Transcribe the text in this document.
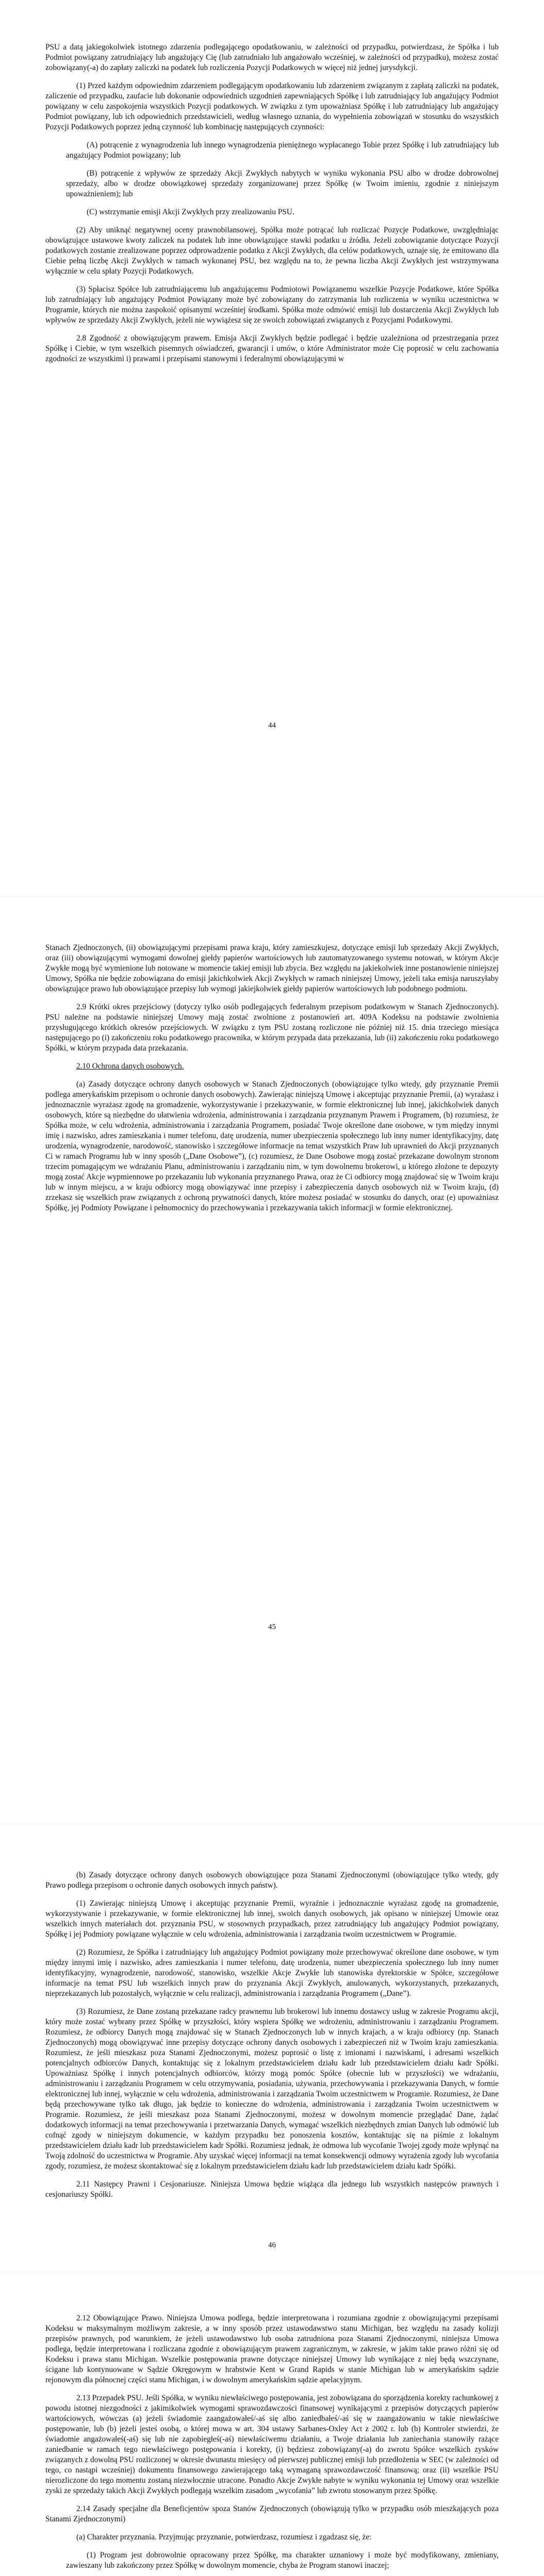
PSU a datą jakiegokolwiek istotnego zdarzenia podlegającego opodatkowaniu, w zależności od przypadku, potwierdzasz, że Spółka i lub Podmiot powiązany zatrudniający lub angażujący Cię (lub zatrudniało lub angażowało wcześniej, w zależności od przypadku), możesz zostać zobowiązany(-a) do zapłaty zaliczki na podatek lub rozliczenia Pozycji Podatkowych w więcej niż jednej jurysdykcji.

(1) Przed każdym odpowiednim zdarzeniem podlegającym opodatkowaniu lub zdarzeniem związanym z zapłatą zaliczki na podatek, zaliczenie od przypadku, zaufacie lub dokonanie odpowiednich uzgodnień zapewniających Spółkę i lub zatrudniający lub angażujący Podmiot powiązany w celu zaspokojenia wszystkich Pozycji podatkowych. W związku z tym upoważniasz Spółkę i lub zatrudniający lub angażujący Podmiot powiązany, lub ich odpowiednich przedstawicieli, według własnego uznania, do wypełnienia zobowiązań w stosunku do wszystkich Pozycji Podatkowych poprzez jedną czynność lub kombinację następujących czynności:

(A) potrącenie z wynagrodzenia lub innego wynagrodzenia pieniężnego wypłacanego Tobie przez Spółkę i lub zatrudniający lub angażujący Podmiot powiązany; lub

(B) potrącenie z wpływów ze sprzedaży Akcji Zwykłych nabytych w wyniku wykonania PSU albo w drodze dobrowolnej sprzedaży, albo w drodze obowiązkowej sprzedaży zorganizowanej przez Spółkę (w Twoim imieniu, zgodnie z niniejszym upoważnieniem); lub

(C) wstrzymanie emisji Akcji Zwykłych przy zrealizowaniu PSU.

(2) Aby uniknąć negatywnej oceny prawnobilansowej, Spółka może potrącać lub rozliczać Pozycje Podatkowe, uwzględniając obowiązujące ustawowe kwoty zaliczek na podatek lub inne obowiązujące stawki podatku u źródła. Jeżeli zobowiązanie dotyczące Pozycji podatkowych zostanie zrealizowane poprzez odprowadzenie podatku z Akcji Zwykłych, dla celów podatkowych, uznaje się, że emitowano dla Ciebie pełną liczbę Akcji Zwykłych w ramach wykonanej PSU, bez względu na to, że pewna liczba Akcji Zwykłych jest wstrzymywana wyłącznie w celu spłaty Pozycji Podatkowych.

(3) Spłacisz Spółce lub zatrudniającemu lub angażującemu Podmiotowi Powiązanemu wszelkie Pozycje Podatkowe, które Spółka lub zatrudniający lub angażujący Podmiot Powiązany może być zobowiązany do zatrzymania lub rozliczenia w wyniku uczestnictwa w Programie, których nie można zaspokoić opisanymi wcześniej środkami. Spółka może odmówić emisji lub dostarczenia Akcji Zwykłych lub wpływów ze sprzedaży Akcji Zwykłych, jeżeli nie wywiążesz się ze swoich zobowiązań związanych z Pozycjami Podatkowymi.

2.8 Zgodność z obowiązującym prawem. Emisja Akcji Zwykłych będzie podlegać i będzie uzależniona od przestrzegania przez Spółkę i Ciebie, w tym wszelkich pisemnych oświadczeń, gwarancji i umów, o które Administrator może Cię poprosić w celu zachowania zgodności ze wszystkimi i) prawami i przepisami stanowymi i federalnymi obowiązującymi w

44

Stanach Zjednoczonych, (ii) obowiązującymi przepisami prawa kraju, który zamieszkujesz, dotyczące emisji lub sprzedaży Akcji Zwykłych, oraz (iii) obowiązującymi wymogami dowolnej giełdy papierów wartościowych lub zautomatyzowanego systemu notowań, w którym Akcje Zwykłe mogą być wymienione lub notowane w momencie takiej emisji lub zbycia. Bez względu na jakiekolwiek inne postanowienie niniejszej Umowy, Spółka nie będzie zobowiązana do emisji jakichkolwiek Akcji Zwykłych w ramach niniejszej Umowy, jeżeli taka emisja naruszyłaby obowiązujące prawo lub obowiązujące przepisy lub wymogi jakiejkolwiek giełdy papierów wartościowych lub podobnego podmiotu.

2.9 Krótki okres przejściowy (dotyczy tylko osób podlegających federalnym przepisom podatkowym w Stanach Zjednoczonych). PSU należne na podstawie niniejszej Umowy mają zostać zwolnione z postanowień art. 409A Kodeksu na podstawie zwolnienia przysługującego krótkich okresów przejściowych. W związku z tym PSU zostaną rozliczone nie później niż 15. dnia trzeciego miesiąca następującego po (i) zakończeniu roku podatkowego pracownika, w którym przypada data przekazania, lub (ii) zakończeniu roku podatkowego Spółki, w którym przypada data przekazania.

2.10 Ochrona danych osobowych.

(a) Zasady dotyczące ochrony danych osobowych w Stanach Zjednoczonych (obowiązujące tylko wtedy, gdy przyznanie Premii podlega amerykańskim przepisom o ochronie danych osobowych). Zawierając niniejszą Umowę i akceptując przyznanie Premii, (a) wyrażasz i jednoznacznie wyrażasz zgodę na gromadzenie, wykorzystywanie i przekazywanie, w formie elektronicznej lub innej, jakichkolwiek danych osobowych, które są niezbędne do ułatwienia wdrożenia, administrowania i zarządzania przyznanym Prawem i Programem, (b) rozumiesz, że Spółka może, w celu wdrożenia, administrowania i zarządzania Programem, posiadać Twoje określone dane osobowe, w tym między innymi imię i nazwisko, adres zamieszkania i numer telefonu, datę urodzenia, numer ubezpieczenia społecznego lub inny numer identyfikacyjny, datę urodzenia, wynagrodzenie, narodowość, stanowisko i szczegółowe informacje na temat wszystkich Praw lub uprawnień do Akcji przyznanych Ci w ramach Programu lub w inny sposób („Dane Osobowe”), (c) rozumiesz, że Dane Osobowe mogą zostać przekazane dowolnym stronom trzecim pomagającym we wdrażaniu Planu, administrowaniu i zarządzaniu nim, w tym dowolnemu brokerowi, u którego złożone te depozyty mogą zostać Akcje wypmiennowe po przekazaniu lub wykonania przyznanego Prawa, oraz że Ci odbiorcy mogą znajdować się w Twoim kraju lub w innym miejscu, a w kraju odbiorcy mogą obowiązywać inne przepisy i zabezpieczenia danych osobowych niż w Twoim kraju, (d) zrzekasz się wszelkich praw związanych z ochroną prywatności danych, które możesz posiadać w stosunku do danych, oraz (e) upoważniasz Spółkę, jej Podmioty Powiązane i pełnomocnicy do przechowywania i przekazywania takich informacji w formie elektronicznej.

45

(b) Zasady dotyczące ochrony danych osobowych obowiązujące poza Stanami Zjednoczonymi (obowiązujące tylko wtedy, gdy Prawo podlega przepisom o ochronie danych osobowych innych państw).

(1) Zawierając niniejszą Umowę i akceptując przyznanie Premii, wyraźnie i jednoznacznie wyrażasz zgodę na gromadzenie, wykorzystywanie i przekazywanie, w formie elektronicznej lub innej, swoich danych osobowych, jak opisano w niniejszej Umowie oraz wszelkich innych materiałach dot. przyznania PSU, w stosownych przypadkach, przez zatrudniający lub angażujący Podmiot powiązany, Spółkę i jej Podmioty powiązane wyłącznie w celu wdrożenia, administrowania i zarządzania twoim uczestnictwem w Programie.

(2) Rozumiesz, że Spółka i zatrudniający lub angażujący Podmiot powiązany może przechowywać określone dane osobowe, w tym między innymi imię i nazwisko, adres zamieszkania i numer telefonu, datę urodzenia, numer ubezpieczenia społecznego lub inny numer identyfikacyjny, wynagrodzenie, narodowość, stanowisko, wszelkie Akcje Zwykłe lub stanowiska dyrektorskie w Spółce, szczegółowe informacje na temat PSU lub wszelkich innych praw do przyznania Akcji Zwykłych, anulowanych, wykorzystanych, przekazanych, nieprzekazanych lub pozostałych, wyłącznie w celu realizacji, administrowania i zarządzania Programem („Dane”).

(3) Rozumiesz, że Dane zostaną przekazane radcy prawnemu lub brokerowi lub innemu dostawcy usług w zakresie Programu akcji, który może zostać wybrany przez Spółkę w przyszłości, który wspiera Spółkę we wdrożeniu, administrowaniu i zarządzaniu Programem. Rozumiesz, że odbiorcy Danych mogą znajdować się w Stanach Zjednoczonych lub w innych krajach, a w kraju odbiorcy (np. Stanach Zjednoczonych) mogą obowiązywać inne przepisy dotyczące ochrony danych osobowych i zabezpieczeń niż w Twoim kraju zamieszkania. Rozumiesz, że jeśli mieszkasz poza Stanami Zjednoczonymi, możesz poprosić o listę z imionami i nazwiskami, i adresami wszelkich potencjalnych odbiorców Danych, kontaktując się z lokalnym przedstawicielem działu kadr lub przedstawicielem działu kadr Spółki. Upoważniasz Spółkę i innych potencjalnych odbiorców, którzy mogą pomóc Spółce (obecnie lub w przyszłości) we wdrażaniu, administrowaniu i zarządzaniu Programem w celu otrzymywania, posiadania, używania, przechowywania i przekazywania Danych, w formie elektronicznej lub innej, wyłącznie w celu wdrożenia, administrowania i zarządzania Twoim uczestnictwem w Programie. Rozumiesz, że Dane będą przechowywane tylko tak długo, jak będzie to konieczne do wdrożenia, administrowania i zarządzania Twoim uczestnictwem w Programie. Rozumiesz, że jeśli mieszkasz poza Stanami Zjednoczonymi, możesz w dowolnym momencie przeglądać Dane, żądać dodatkowych informacji na temat przechowywania i przetwarzania Danych, wymagać wszelkich niezbędnych zmian Danych lub odmówić lub cofnąć zgody w niniejszym dokumencie, w każdym przypadku bez ponoszenia kosztów, kontaktując się na piśmie z lokalnym przedstawicielem działu kadr lub przedstawicielem kadr Spółki. Rozumiesz jednak, że odmowa lub wycofanie Twojej zgody może wpłynąć na Twoją zdolność do uczestnictwa w Programie. Aby uzyskać więcej informacji na temat konsekwencji odmowy wyrażenia zgody lub wycofania zgody, rozumiesz, że możesz skontaktować się z lokalnym przedstawicielem działu kadr lub przedstawicielem działu kadr Spółki.

2.11 Następcy Prawni i Cesjonariusze. Niniejsza Umowa będzie wiążąca dla jednego lub wszystkich następców prawnych i cesjonariuszy Spółki.

46

2.12 Obowiązujące Prawo. Niniejsza Umowa podlega, będzie interpretowana i rozumiana zgodnie z obowiązującymi przepisami Kodeksu w maksymalnym możliwym zakresie, a w inny sposób przez ustawodawstwo stanu Michigan, bez względu na zasady kolizji przepisów prawnych, pod warunkiem, że jeżeli ustawodawstwo lub osoba zatrudniona poza Stanami Zjednoczonymi, niniejsza Umowa podlega, będzie interpretowana i rozliczana zgodnie z obowiązującym prawem zagranicznym, w zakresie, w jakim takie prawo różni się od Kodeksu i prawa stanu Michigan. Wszelkie postępowania prawne dotyczące niniejszej Umowy lub wynikające z niej będą wszczynane, ścigane lub kontynuowane w Sądzie Okręgowym w hrabstwie Kent w Grand Rapids w stanie Michigan lub w amerykańskim sądzie rejonowym dla północnej części stanu Michigan, i w dowolnym amerykańskim sądzie apelacyjnym.

2.13 Przepadek PSU. Jeśli Spółka, w wyniku niewłaściwego postępowania, jest zobowiązana do sporządzenia korekty rachunkowej z powodu istotnej niezgodności z jakimikolwiek wymogami sprawozdawczości finansowej wynikającymi z przepisów dotyczących papierów wartościowych, wówczas (a) jeżeli świadomie zaangażowałeś/-aś się albo zaniedbałeś/-aś się w zaangażowaniu w takie niewłaściwe postępowanie, lub (b) jeżeli jesteś osobą, o której mowa w art. 304 ustawy Sarbanes-Oxley Act z 2002 r. lub (b) Kontroler stwierdzi, że świadomie angażowałeś(-aś) się lub nie zapobiegłeś(-aś) niewłaściwemu działaniu, a Twoje działania lub zaniechania stanowiły rażące zaniedbanie w ramach tego niewłaściwego postępowania i korekty, (i) będziesz zobowiązany(-a) do zwrotu Spółce wszelkich zysków związanych z dowolną PSU rozliczonej w okresie dwunastu miesięcy od pierwszej publicznej emisji lub przedłożenia w SEC (w zależności od tego, co nastąpi wcześniej) dokumentu finansowego zawierającego taką wymaganą sprawozdawczość finansową; oraz (ii) wszelkie PSU nierozliczone do tego momentu zostaną niezwłocznie utracone. Ponadto Akcje Zwykłe nabyte w wyniku wykonania tej Umowy oraz wszelkie zyski ze sprzedaży takich Akcji Zwykłych podlegają wszelkim zasadom „wycofania” lub zwrotu stosowanym przez Spółkę.

2.14 Zasady specjalne dla Beneficjentów spoza Stanów Zjednoczonych (obowiązują tylko w przypadku osób mieszkających poza Stanami Zjednoczonymi)

(a) Charakter przyznania. Przyjmując przyznanie, potwierdzasz, rozumiesz i zgadzasz się, że:

(1) Program jest dobrowolnie opracowany przez Spółkę, ma charakter uznaniowy i może być modyfikowany, zmieniany, zawieszany lub zakończony przez Spółkę w dowolnym momencie, chyba że Program stanowi inaczej;
